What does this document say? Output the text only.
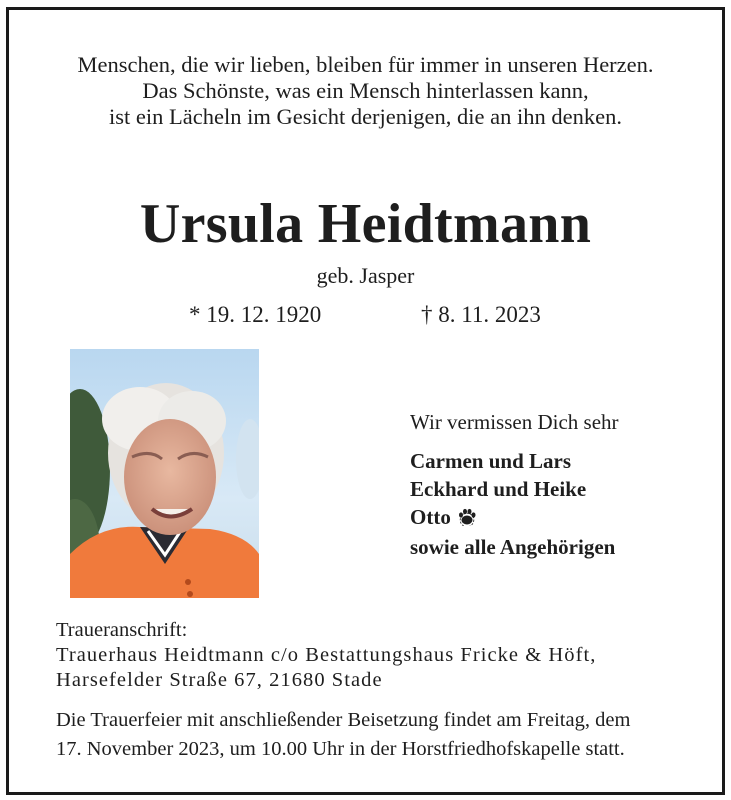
Menschen, die wir lieben, bleiben für immer in unseren Herzen.
Das Schönste, was ein Mensch hinterlassen kann,
ist ein Lächeln im Gesicht derjenigen, die an ihn denken.
Ursula Heidtmann
geb. Jasper
* 19. 12. 1920	† 8. 11. 2023
Wir vermissen Dich sehr
Carmen und Lars
Eckhard und Heike
Otto
sowie alle Angehörigen
Traueranschrift:
Trauerhaus Heidtmann c/o Bestattungshaus Fricke & Höft,
Harsefelder Straße 67, 21680 Stade
Die Trauerfeier mit anschließender Beisetzung findet am Freitag, dem
17. November 2023, um 10.00 Uhr in der Horstfriedhofskapelle statt.
